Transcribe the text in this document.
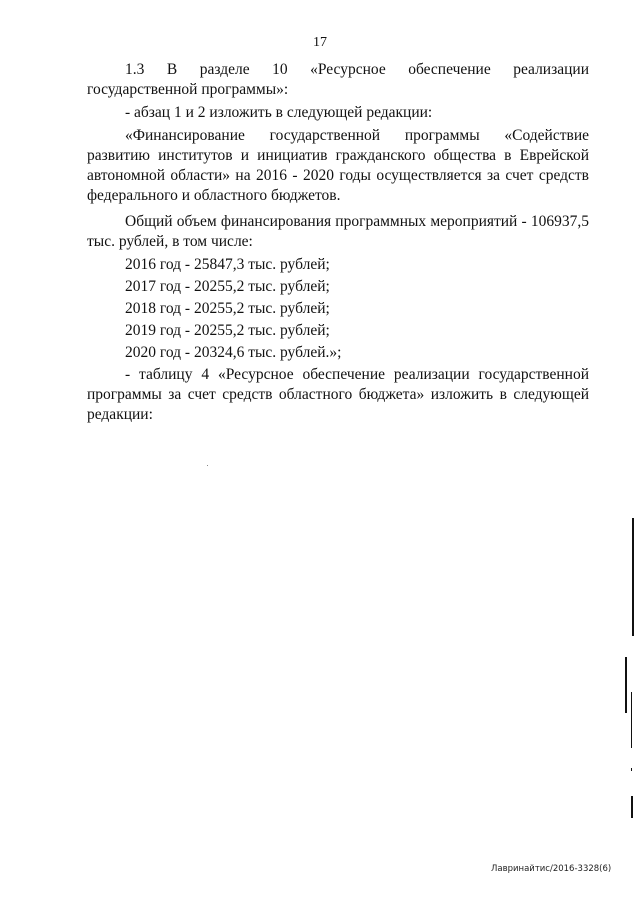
17

1.3 В разделе 10 «Ресурсное обеспечение реализации государственной программы»:

- абзац 1 и 2 изложить в следующей редакции:

«Финансирование государственной программы «Содействие развитию институтов и инициатив гражданского общества в Еврейской автономной области» на 2016 - 2020 годы осуществляется за счет средств федерального и областного бюджетов.

Общий объем финансирования программных мероприятий - 106937,5 тыс. рублей, в том числе:

2016 год - 25847,3 тыс. рублей;

2017 год - 20255,2 тыс. рублей;

2018 год - 20255,2 тыс. рублей;

2019 год - 20255,2 тыс. рублей;

2020 год - 20324,6 тыс. рублей.»;

- таблицу 4 «Ресурсное обеспечение реализации государственной программы за счет средств областного бюджета» изложить в следующей редакции:

Лавринайтис/2016-3328(6)
